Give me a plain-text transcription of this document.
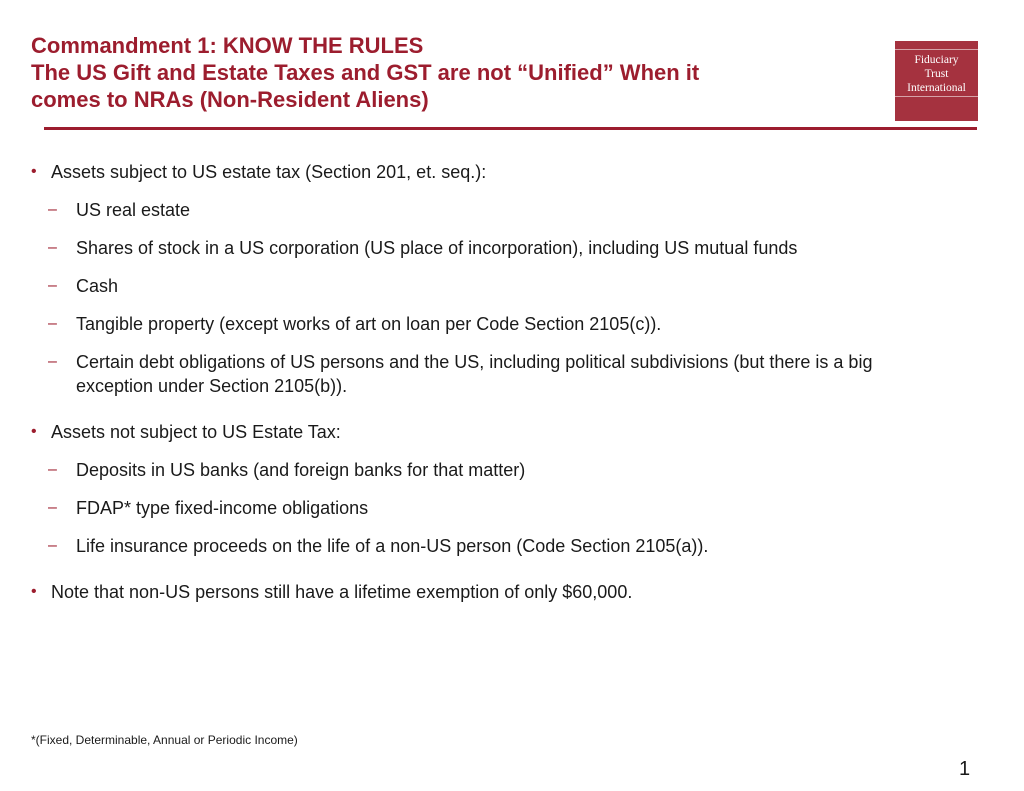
Commandment 1: KNOW THE RULES
The US Gift and Estate Taxes and GST are not “Unified” When it
comes to NRAs (Non-Resident Aliens)
Fiduciary
Trust
International
• Assets subject to US estate tax (Section 201, et. seq.):
– US real estate
– Shares of stock in a US corporation (US place of incorporation), including US mutual funds
– Cash
– Tangible property (except works of art on loan per Code Section 2105(c)).
– Certain debt obligations of US persons and the US, including political subdivisions (but there is a big exception under Section 2105(b)).
• Assets not subject to US Estate Tax:
– Deposits in US banks (and foreign banks for that matter)
– FDAP* type fixed-income obligations
– Life insurance proceeds on the life of a non-US person (Code Section 2105(a)).
• Note that non-US persons still have a lifetime exemption of only $60,000.
*(Fixed, Determinable, Annual or Periodic Income)
1
